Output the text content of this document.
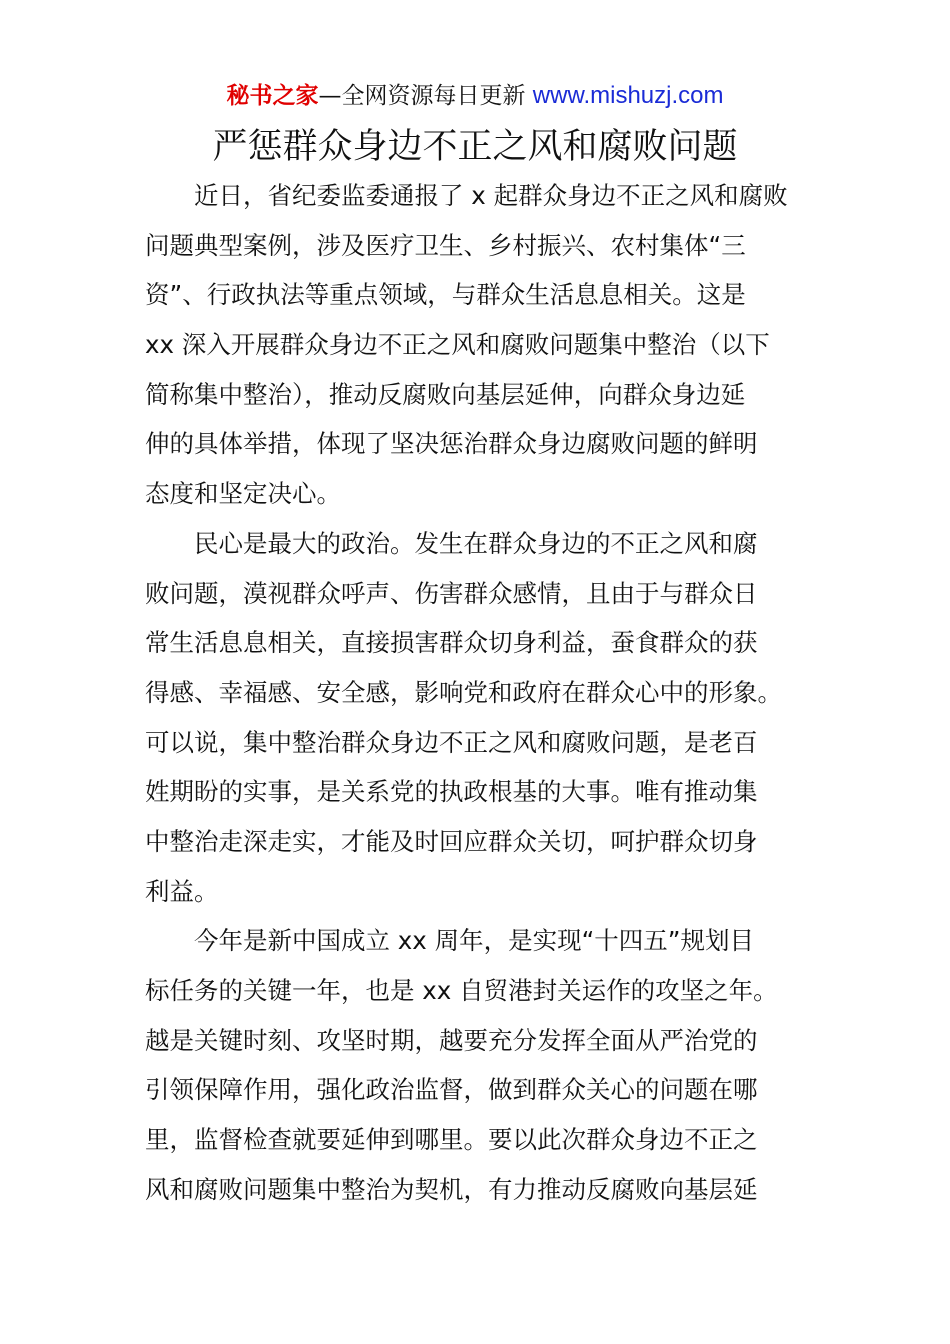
秘书之家—全网资源每日更新 www.mishuzj.com
严惩群众身边不正之风和腐败问题
近日，省纪委监委通报了 x 起群众身边不正之风和腐败
问题典型案例，涉及医疗卫生、乡村振兴、农村集体“三
资”、行政执法等重点领域，与群众生活息息相关。这是
xx 深入开展群众身边不正之风和腐败问题集中整治（以下
简称集中整治），推动反腐败向基层延伸，向群众身边延
伸的具体举措，体现了坚决惩治群众身边腐败问题的鲜明
态度和坚定决心。
民心是最大的政治。发生在群众身边的不正之风和腐
败问题，漠视群众呼声、伤害群众感情，且由于与群众日
常生活息息相关，直接损害群众切身利益，蚕食群众的获
得感、幸福感、安全感，影响党和政府在群众心中的形象。
可以说，集中整治群众身边不正之风和腐败问题，是老百
姓期盼的实事，是关系党的执政根基的大事。唯有推动集
中整治走深走实，才能及时回应群众关切，呵护群众切身
利益。
今年是新中国成立 xx 周年，是实现“十四五”规划目
标任务的关键一年，也是 xx 自贸港封关运作的攻坚之年。
越是关键时刻、攻坚时期，越要充分发挥全面从严治党的
引领保障作用，强化政治监督，做到群众关心的问题在哪
里，监督检查就要延伸到哪里。要以此次群众身边不正之
风和腐败问题集中整治为契机，有力推动反腐败向基层延
